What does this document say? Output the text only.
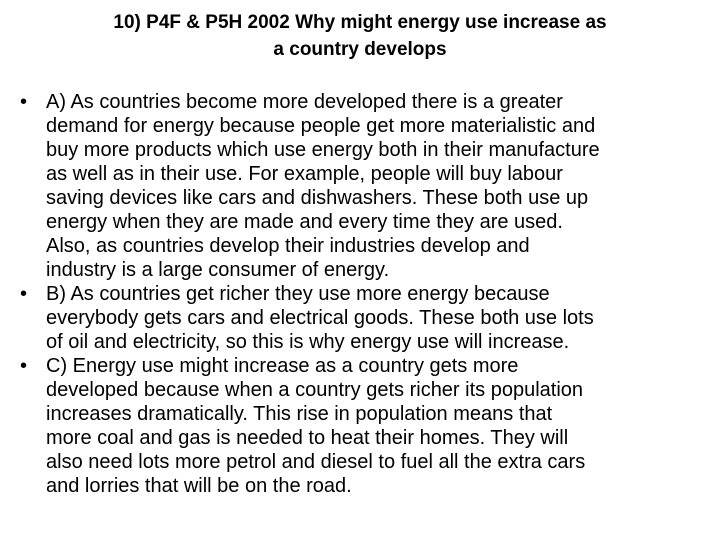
10) P4F & P5H 2002 Why might energy use increase as
a country develops
• A) As countries become more developed there is a greater
demand for energy because people get more materialistic and
buy more products which use energy both in their manufacture
as well as in their use. For example, people will buy labour
saving devices like cars and dishwashers. These both use up
energy when they are made and every time they are used.
Also, as countries develop their industries develop and
industry is a large consumer of energy.
• B) As countries get richer they use more energy because
everybody gets cars and electrical goods. These both use lots
of oil and electricity, so this is why energy use will increase.
• C) Energy use might increase as a country gets more
developed because when a country gets richer its population
increases dramatically. This rise in population means that
more coal and gas is needed to heat their homes. They will
also need lots more petrol and diesel to fuel all the extra cars
and lorries that will be on the road.
